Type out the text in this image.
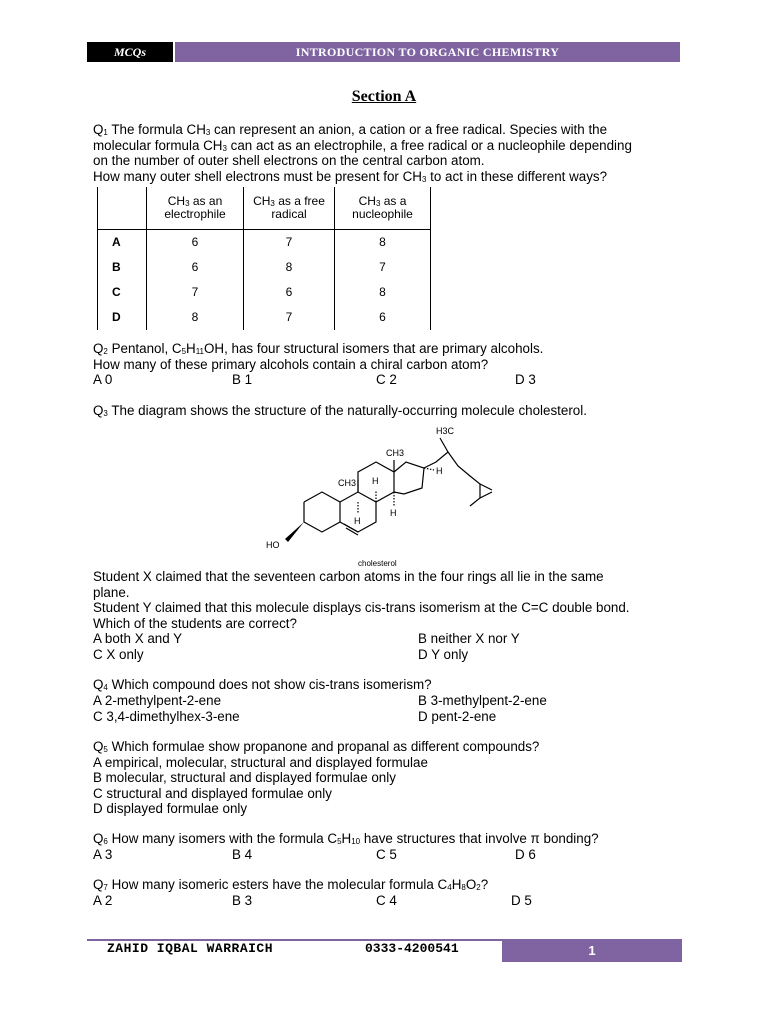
MCQs	INTRODUCTION TO ORGANIC CHEMISTRY
Section A
$Q_1$ The formula $CH_3$ can represent an anion, a cation or a free radical. Species with the
molecular formula $CH_3$ can act as an electrophile, a free radical or a nucleophile depending
on the number of outer shell electrons on the central carbon atom.
How many outer shell electrons must be present for $CH_3$ to act in these different ways?
	$CH_3$ as an electrophile	$CH_3$ as a free radical	$CH_3$ as a nucleophile
A	6	7	8
B	6	8	7
C	7	6	8
D	8	7	6
$Q_2$ Pentanol, $C_5H_{11}OH$, has four structural isomers that are primary alcohols.
How many of these primary alcohols contain a chiral carbon atom?
A 0	B 1	C 2	D 3
$Q_3$ The diagram shows the structure of the naturally-occurring molecule cholesterol.
H3C
CH3
CH3 H
H
H
H
HO
cholesterol
Student X claimed that the seventeen carbon atoms in the four rings all lie in the same
plane.
Student Y claimed that this molecule displays cis-trans isomerism at the C=C double bond.
Which of the students are correct?
A both X and Y	B neither X nor Y
C X only	D Y only
$Q_4$ Which compound does not show cis-trans isomerism?
A 2-methylpent-2-ene	B 3-methylpent-2-ene
C 3,4-dimethylhex-3-ene	D pent-2-ene
$Q_5$ Which formulae show propanone and propanal as different compounds?
A empirical, molecular, structural and displayed formulae
B molecular, structural and displayed formulae only
C structural and displayed formulae only
D displayed formulae only
$Q_6$ How many isomers with the formula $C_5H_{10}$ have structures that involve π bonding?
A 3	B 4	C 5	D 6
$Q_7$ How many isomeric esters have the molecular formula $C_4H_8O_2$?
A 2	B 3	C 4	D 5
ZAHID IQBAL WARRAICH	0333-4200541	1
